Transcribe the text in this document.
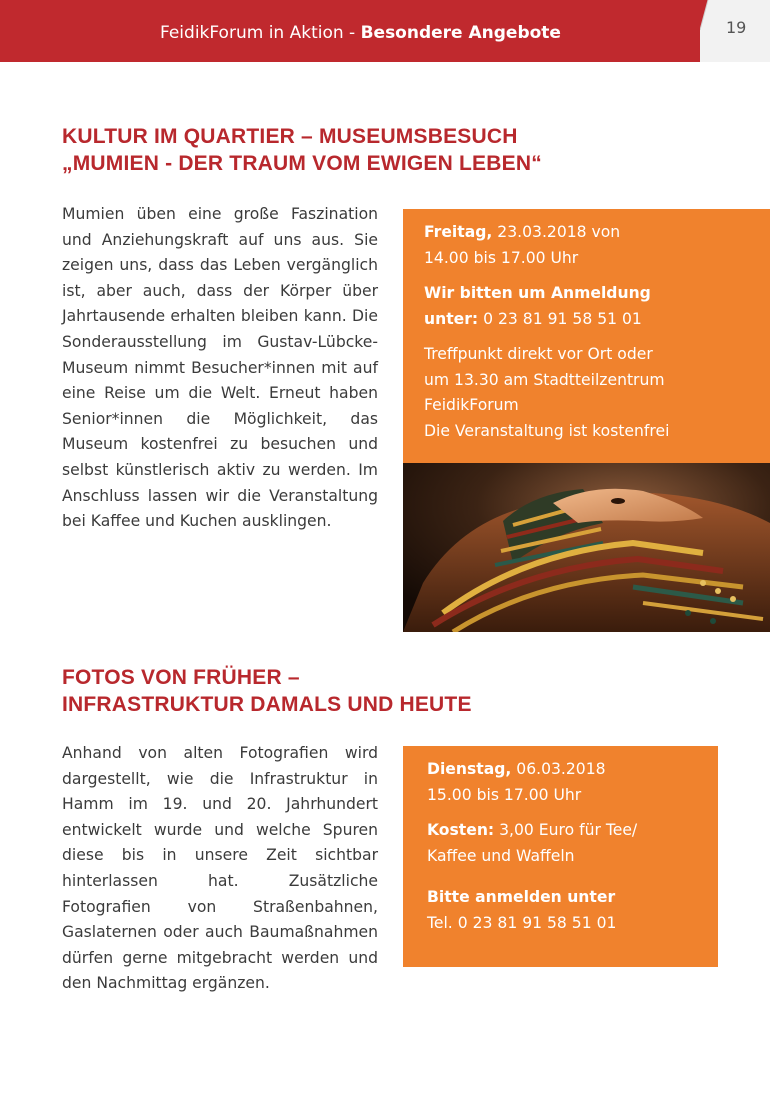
FeidikForum in Aktion - Besondere Angebote	19
KULTUR IM QUARTIER – MUSEUMSBESUCH
„MUMIEN - DER TRAUM VOM EWIGEN LEBEN“

Mumien üben eine große Faszination und Anziehungskraft auf uns aus. Sie zeigen uns, dass das Leben vergänglich ist, aber auch, dass der Körper über Jahrtausende erhalten bleiben kann. Die Sonderausstellung im Gustav-Lübcke-Museum nimmt Besucher*innen mit auf eine Reise um die Welt. Erneut haben Senior*innen die Möglichkeit, das Museum kostenfrei zu besuchen und selbst künstlerisch aktiv zu werden. Im Anschluss lassen wir die Veranstaltung bei Kaffee und Kuchen ausklingen.

Freitag, 23.03.2018 von

14.00 bis 17.00 Uhr

Wir bitten um Anmeldung

unter: 0 23 81 91 58 51 01

Treffpunkt direkt vor Ort oder

um 13.30 am Stadtteilzentrum

FeidikForum

Die Veranstaltung ist kostenfrei

FOTOS VON FRÜHER –
INFRASTRUKTUR DAMALS UND HEUTE

Anhand von alten Fotografien wird dargestellt, wie die Infrastruktur in Hamm im 19. und 20. Jahrhundert entwickelt wurde und welche Spuren diese bis in unsere Zeit sichtbar hinterlassen hat. Zusätzliche Fotografien von Straßenbahnen, Gaslaternen oder auch Baumaßnahmen dürfen gerne mitgebracht werden und den Nachmittag ergänzen.

Dienstag, 06.03.2018

15.00 bis 17.00 Uhr

Kosten: 3,00 Euro für Tee/

Kaffee und Waffeln

Bitte anmelden unter

Tel. 0 23 81 91 58 51 01
